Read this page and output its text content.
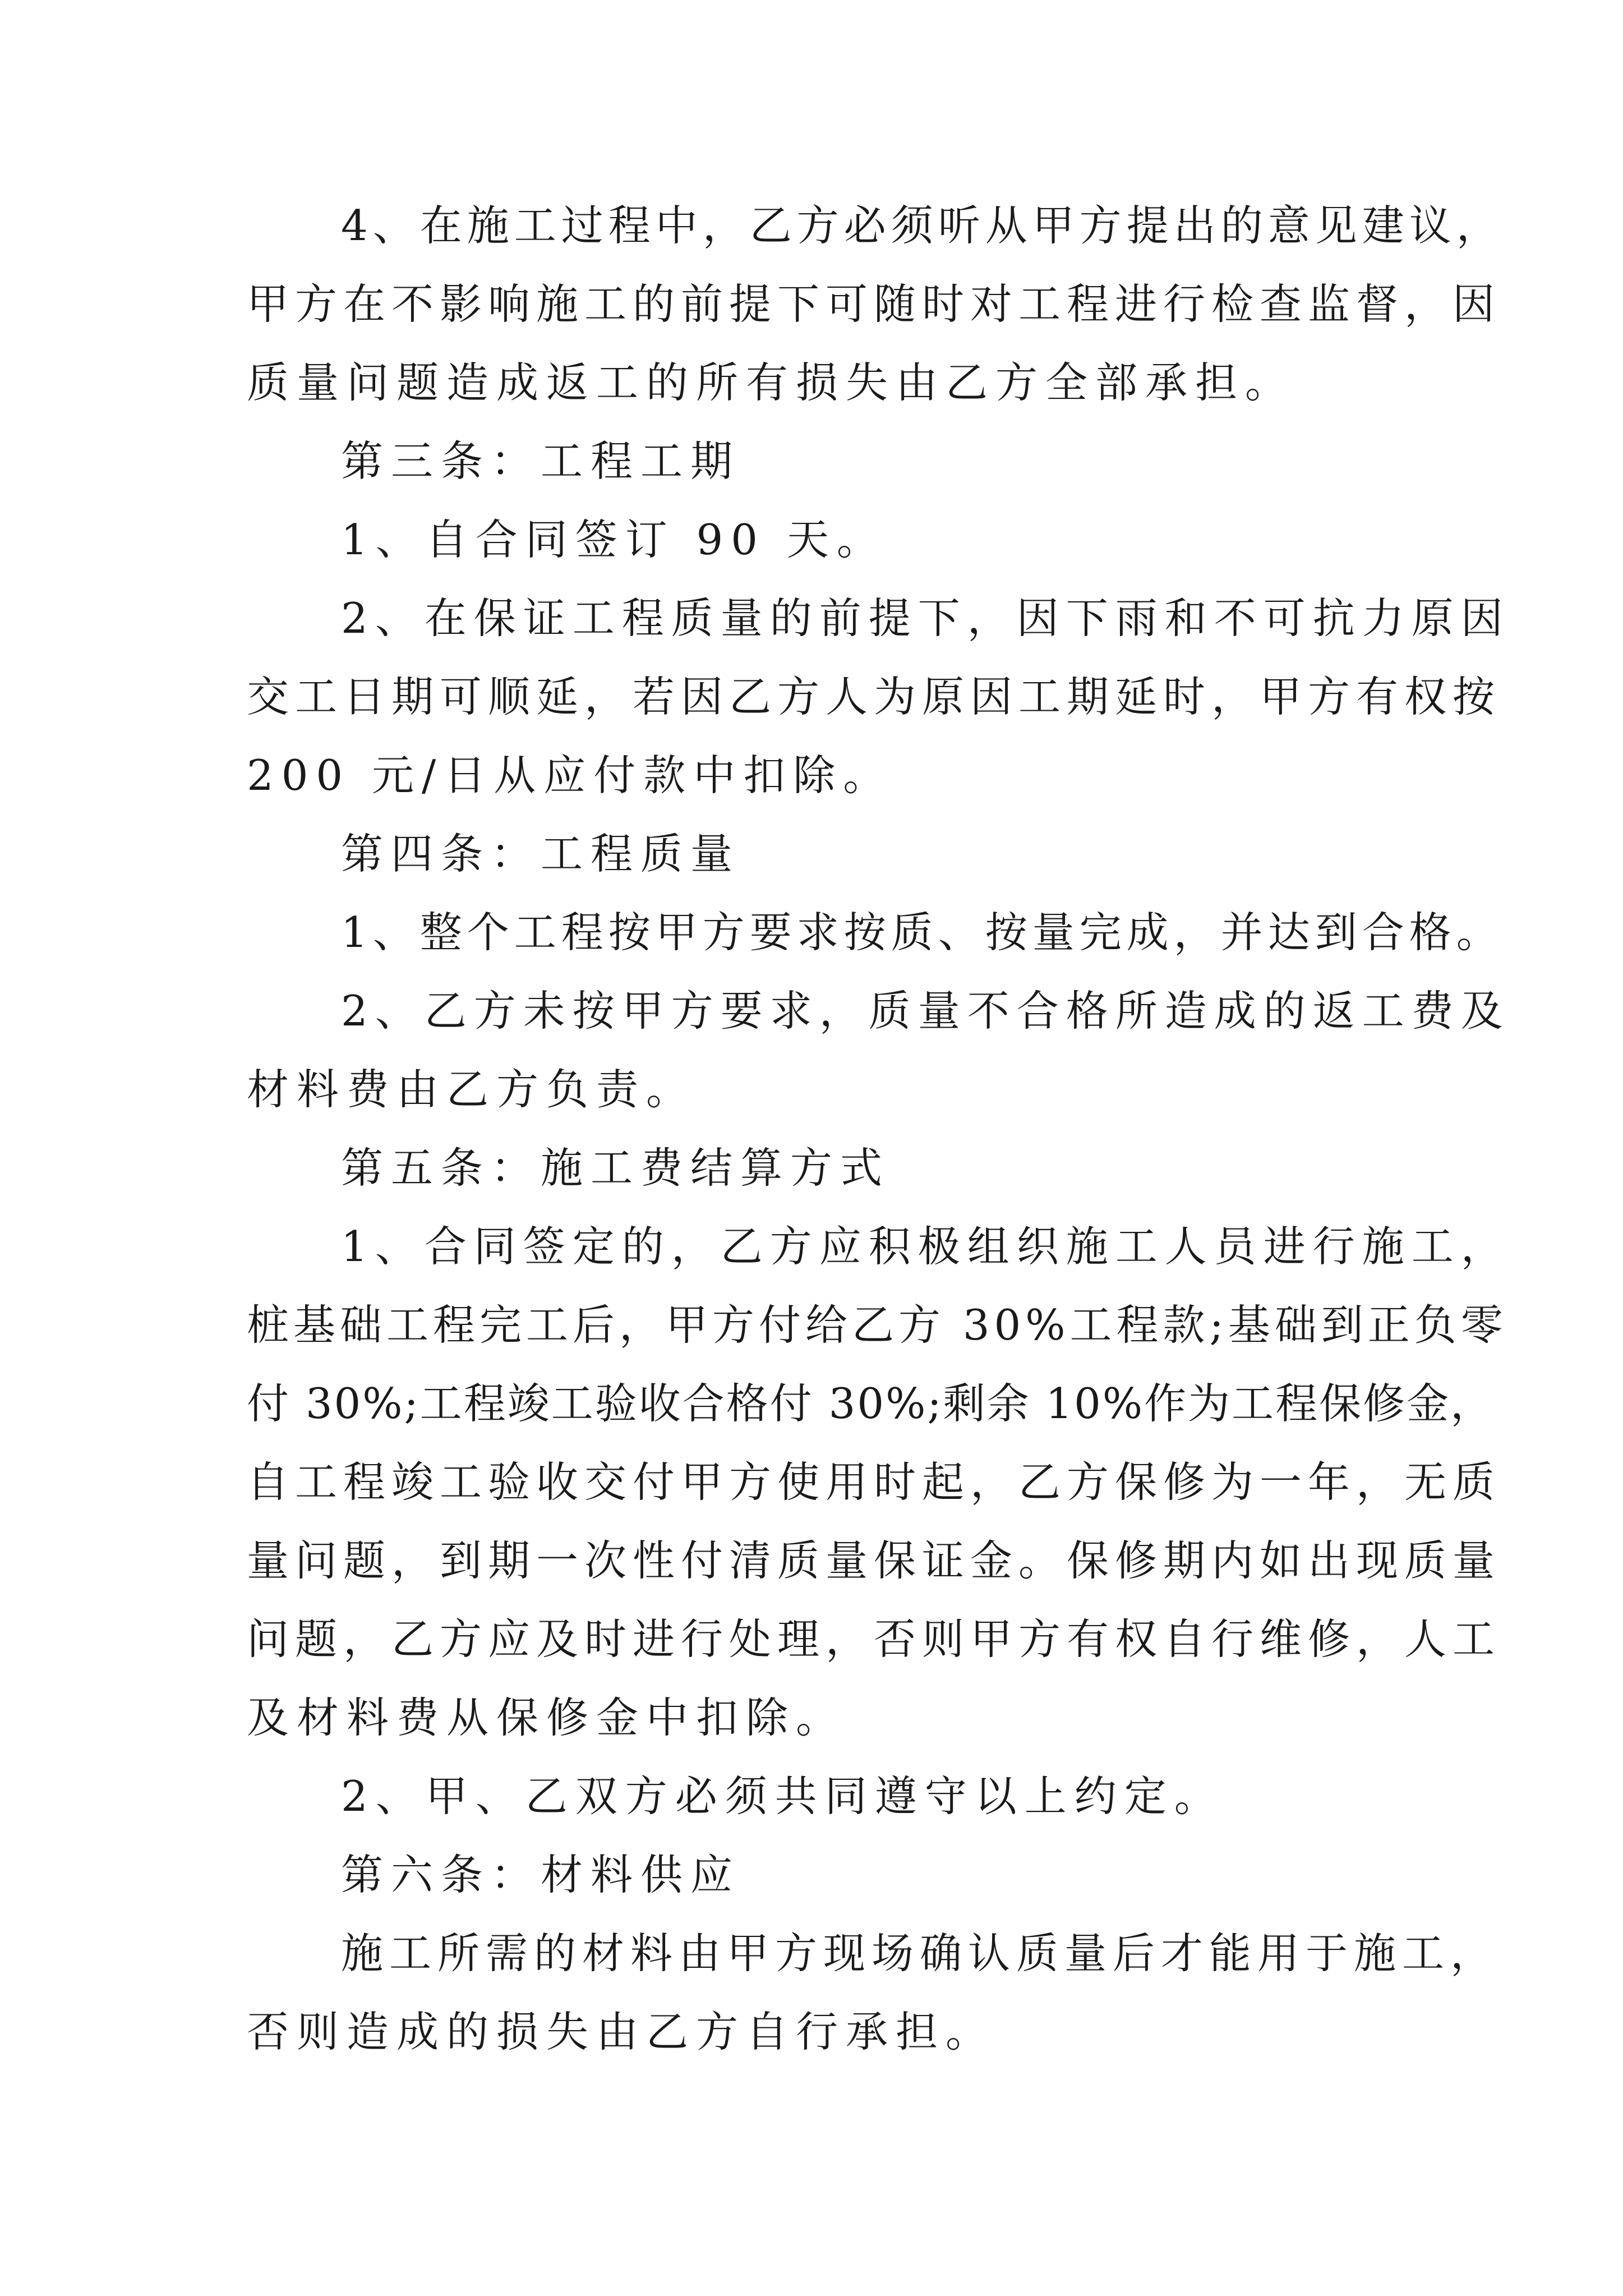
4、在施工过程中，乙方必须听从甲方提出的意见建议，
甲方在不影响施工的前提下可随时对工程进行检查监督，因
质量问题造成返工的所有损失由乙方全部承担。
第三条：工程工期
1、自合同签订 90 天。
2、在保证工程质量的前提下，因下雨和不可抗力原因
交工日期可顺延，若因乙方人为原因工期延时，甲方有权按
200 元/日从应付款中扣除。
第四条：工程质量
1、整个工程按甲方要求按质、按量完成，并达到合格。
2、乙方未按甲方要求，质量不合格所造成的返工费及
材料费由乙方负责。
第五条：施工费结算方式
1、合同签定的，乙方应积极组织施工人员进行施工，
桩基础工程完工后，甲方付给乙方 30%工程款;基础到正负零
付 30%;工程竣工验收合格付 30%;剩余 10%作为工程保修金，
自工程竣工验收交付甲方使用时起，乙方保修为一年，无质
量问题，到期一次性付清质量保证金。保修期内如出现质量
问题，乙方应及时进行处理，否则甲方有权自行维修，人工
及材料费从保修金中扣除。
2、甲、乙双方必须共同遵守以上约定。
第六条：材料供应
施工所需的材料由甲方现场确认质量后才能用于施工，
否则造成的损失由乙方自行承担。
